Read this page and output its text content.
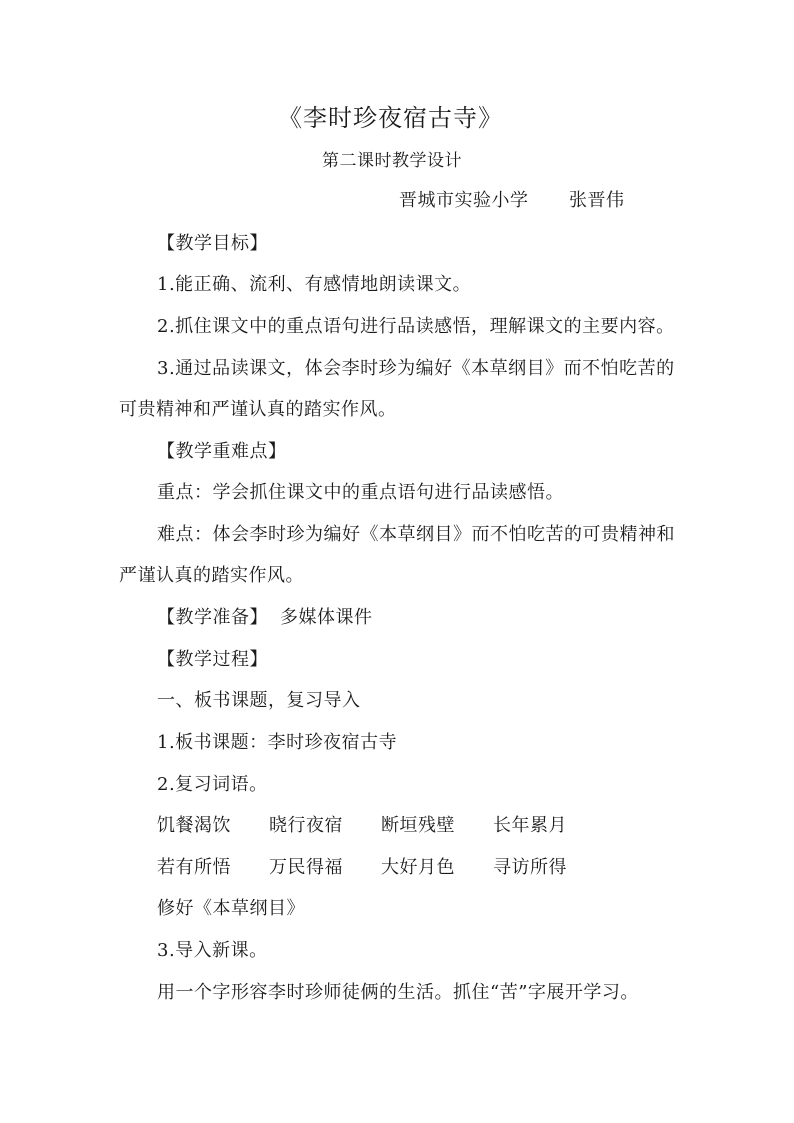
《李时珍夜宿古寺》
第二课时教学设计
晋城市实验小学 张晋伟
【教学目标】
1.能正确、流利、有感情地朗读课文。
2.抓住课文中的重点语句进行品读感悟，理解课文的主要内容。
3.通过品读课文，体会李时珍为编好《本草纲目》而不怕吃苦的
可贵精神和严谨认真的踏实作风。
【教学重难点】
重点：学会抓住课文中的重点语句进行品读感悟。
难点：体会李时珍为编好《本草纲目》而不怕吃苦的可贵精神和
严谨认真的踏实作风。
【教学准备】 多媒体课件
【教学过程】
一、板书课题，复习导入
1.板书课题：李时珍夜宿古寺
2.复习词语。
饥餐渴饮 晓行夜宿 断垣残壁 长年累月
若有所悟 万民得福 大好月色 寻访所得
修好《本草纲目》
3.导入新课。
用一个字形容李时珍师徒俩的生活。抓住“苦”字展开学习。
